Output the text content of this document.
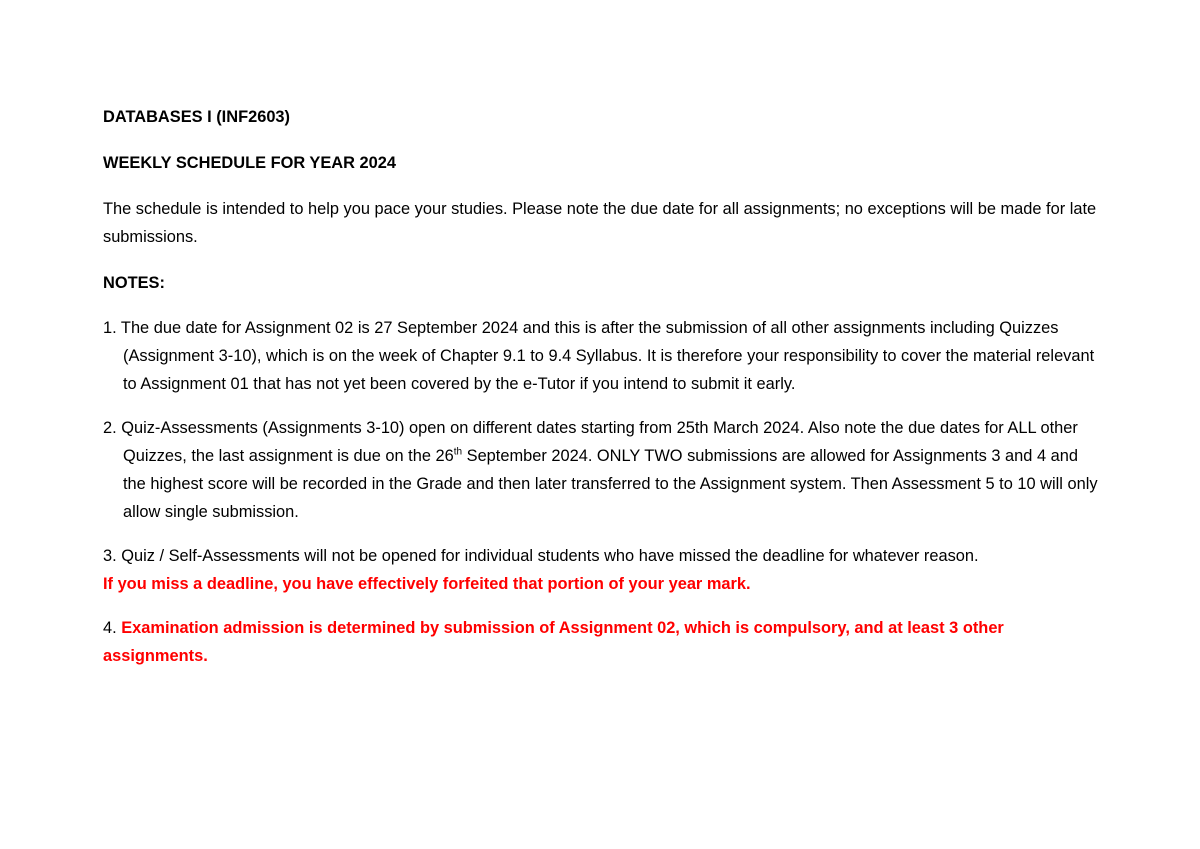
DATABASES I (INF2603)

WEEKLY SCHEDULE FOR YEAR 2024

The schedule is intended to help you pace your studies. Please note the due date for all assignments; no exceptions will be made for late submissions.

NOTES:

1. The due date for Assignment 02 is 27 September 2024 and this is after the submission of all other assignments including Quizzes (Assignment 3-10), which is on the week of Chapter 9.1 to 9.4 Syllabus. It is therefore your responsibility to cover the material relevant to Assignment 01 that has not yet been covered by the e-Tutor if you intend to submit it early.

2. Quiz-Assessments (Assignments 3-10) open on different dates starting from 25th March 2024. Also note the due dates for ALL other Quizzes, the last assignment is due on the 26th September 2024. ONLY TWO submissions are allowed for Assignments 3 and 4 and the highest score will be recorded in the Grade and then later transferred to the Assignment system. Then Assessment 5 to 10 will only allow single submission.

3. Quiz / Self-Assessments will not be opened for individual students who have missed the deadline for whatever reason.
If you miss a deadline, you have effectively forfeited that portion of your year mark.

4. Examination admission is determined by submission of Assignment 02, which is compulsory, and at least 3 other assignments.
